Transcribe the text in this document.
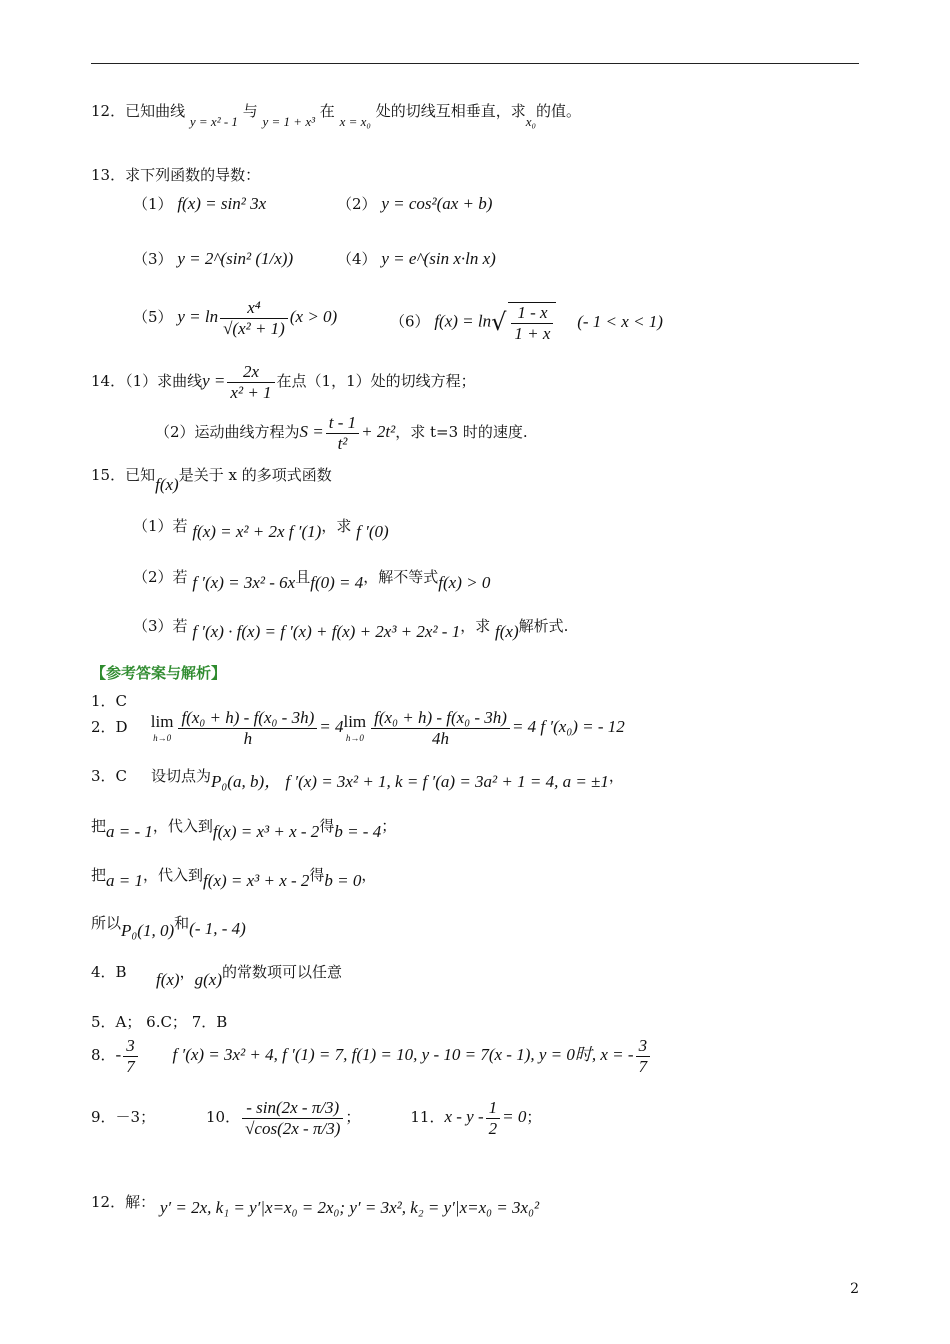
12．已知曲线 y = x² - 1 与 y = 1 + x³ 在 x = x₀ 处的切线互相垂直，求x₀的值。
13．求下列函数的导数：
（1） f(x) = sin² 3x	（2） y = cos²(ax + b)
（3） y = 2^(sin² (1/x))	（4） y = e^(sin x·ln x)
（5） $y = \ln \frac{\text{x⁴}}{\text{√(x² + 1)}} (x > 0)$	（6） $f(x) = \ln√ \frac{1 - x}{1 + x}$ (- 1 < x < 1)
14．（1）求曲线$y = \frac{2x}{\text{x² + 1}}$ 在点（1，1）处的切线方程；
（2）运动曲线方程为$S = \frac{t - 1}{\text{t²}} + 2t^2$，求 t=3 时的速度.
15．已知f(x)是关于 x 的多项式函数
（1）若 f(x) = x² + 2x f ′(1)，求 f ′(0)
（2）若 f ′(x) = 3x² - 6x且f(0) = 4，解不等式f(x) > 0
（3）若 f ′(x) · f(x) = f ′(x) + f(x) + 2x³ + 2x² - 1，求 f(x)解析式.
【参考答案与解析】
1．C
2．D lim
$h\to 0 \frac{\text{f(x₀ + h) - f(x₀ - 3h)}}{h} = 4\lim$
$h\to 0 \frac{\text{f(x₀ + h) - f(x₀ - 3h)}}{4h} = 4$ f ′(x₀) = - 12
3．C 设切点为P₀(a, b)， f ′(x) = 3x² + 1, k = f ′(a) = 3a² + 1 = 4, a = ±1，
把a = - 1，代入到f(x) = x³ + x - 2得b = - 4；
把a = 1，代入到f(x) = x³ + x - 2得b = 0，
所以P₀(1, 0)和(- 1, - 4)
4．B f(x)，g(x)的常数项可以任意
5．A； 6.C； 7．B
8．- $\frac{3}{7}$ f ′(x) = 3x² + 4, f ′(1) = 7, f(1) = 10, y - 10 = 7(x - 1), y = 0时, x = - $\frac{3}{7}$
9．－3；	10． $\frac{- \sin(2x - \pi/3)}{√\cos(2x - \pi/3)}$ ；	11．$x - y - \frac{1}{2} = 0$；
12．解： y′ = 2x, k₁ = y′|x=x₀ = 2x₀; y′ = 3x², k₂ = y′|x=x₀ = 3x₀²
2
